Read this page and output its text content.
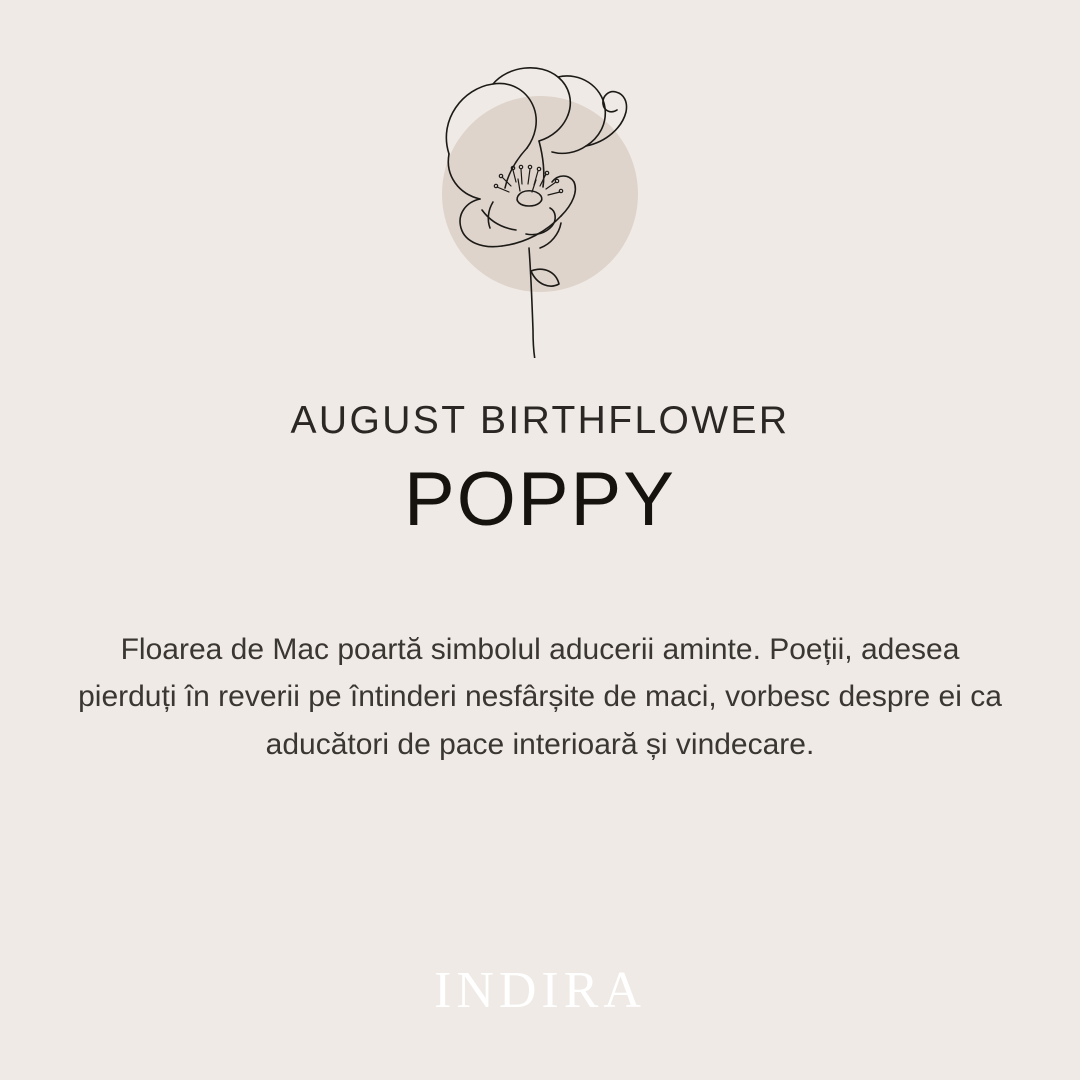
AUGUST BIRTHFLOWER
POPPY
Floarea de Mac poartă simbolul aducerii aminte. Poeții, adesea pierduți în reverii pe întinderi nesfârșite de maci, vorbesc despre ei ca aducători de pace interioară și vindecare.
INDIRA
